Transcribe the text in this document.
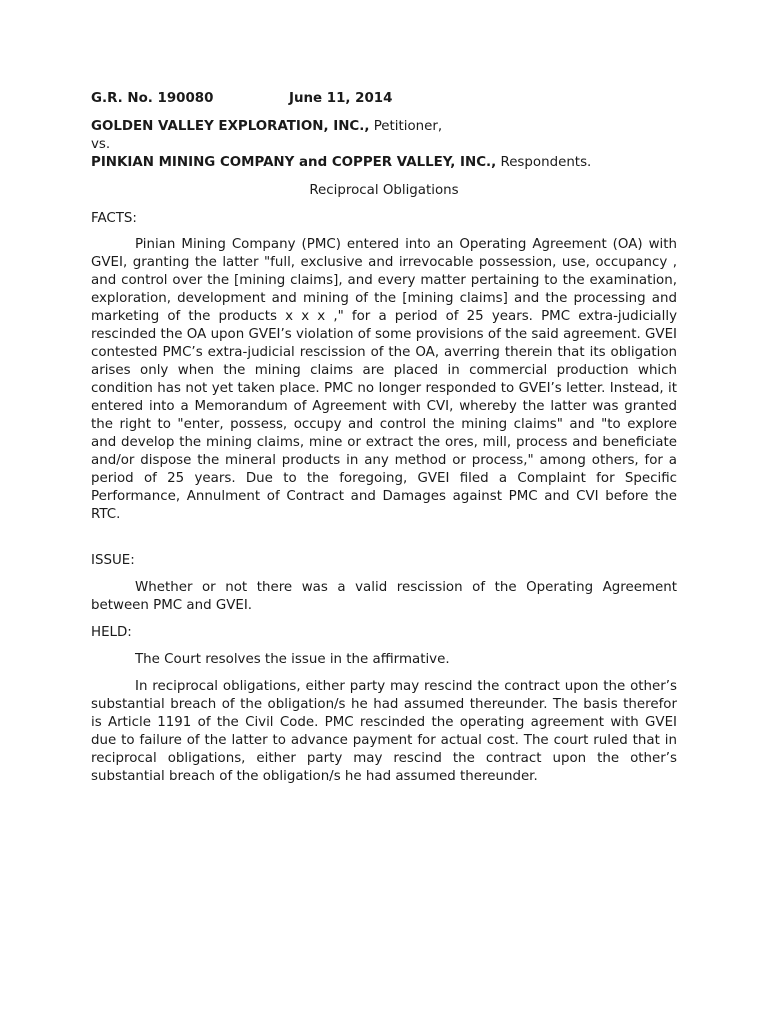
G.R. No. 190080	June 11, 2014
GOLDEN VALLEY EXPLORATION, INC., Petitioner,
vs.
PINKIAN MINING COMPANY and COPPER VALLEY, INC., Respondents.
Reciprocal Obligations
FACTS:

Pinian Mining Company (PMC) entered into an Operating Agreement (OA) with GVEI, granting the latter "full, exclusive and irrevocable possession, use, occupancy , and control over the [mining claims], and every matter pertaining to the examination, exploration, development and mining of the [mining claims] and the processing and marketing of the products x x x ," for a period of 25 years. PMC extra-judicially rescinded the OA upon GVEI’s violation of some provisions of the said agreement. GVEI contested PMC’s extra-judicial rescission of the OA, averring therein that its obligation arises only when the mining claims are placed in commercial production which condition has not yet taken place. PMC no longer responded to GVEI’s letter. Instead, it entered into a Memorandum of Agreement with CVI, whereby the latter was granted the right to "enter, possess, occupy and control the mining claims" and "to explore and develop the mining claims, mine or extract the ores, mill, process and beneficiate and/or dispose the mineral products in any method or process," among others, for a period of 25 years. Due to the foregoing, GVEI filed a Complaint for Specific Performance, Annulment of Contract and Damages against PMC and CVI before the RTC.

ISSUE:

Whether or not there was a valid rescission of the Operating Agreement between PMC and GVEI.

HELD:

The Court resolves the issue in the affirmative.

In reciprocal obligations, either party may rescind the contract upon the other’s substantial breach of the obligation/s he had assumed thereunder. The basis therefor is Article 1191 of the Civil Code. PMC rescinded the operating agreement with GVEI due to failure of the latter to advance payment for actual cost. The court ruled that in reciprocal obligations, either party may rescind the contract upon the other’s substantial breach of the obligation/s he had assumed thereunder.
